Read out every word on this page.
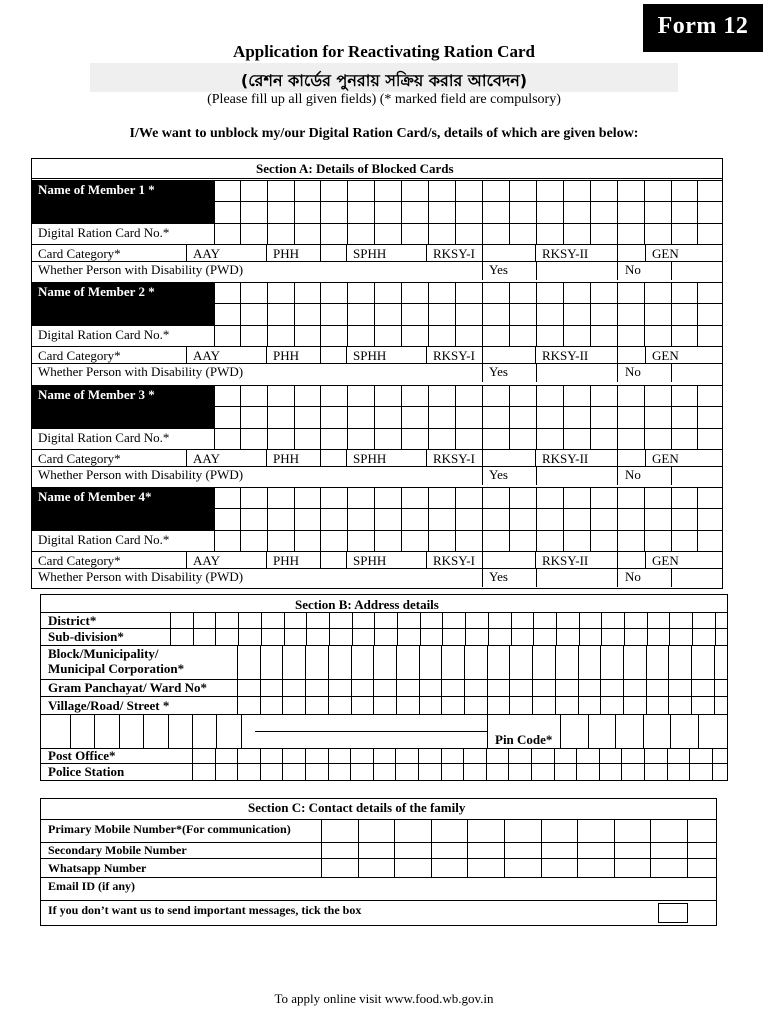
Form 12
Application for Reactivating Ration Card
(রেশন কার্ডের পুনরায় সক্রিয় করার আবেদন)
(Please fill up all given fields) (* marked field are compulsory)
I/We want to unblock my/our Digital Ration Card/s, details of which are given below:
To apply online visit www.food.wb.gov.in
Section A: Details of Blocked Cards
Name of Member 1 *
Digital Ration Card No.*
Card Category*	AAY	PHH	SPHH	RKSY-I	RKSY-II	GEN
Whether Person with Disability (PWD)	Yes	No
Name of Member 2 *
Digital Ration Card No.*
Card Category*	AAY	PHH	SPHH	RKSY-I	RKSY-II	GEN
Whether Person with Disability (PWD)	Yes	No
Name of Member 3 *
Digital Ration Card No.*
Card Category*	AAY	PHH	SPHH	RKSY-I	RKSY-II	GEN
Whether Person with Disability (PWD)	Yes	No
Name of Member 4*
Digital Ration Card No.*
Card Category*	AAY	PHH	SPHH	RKSY-I	RKSY-II	GEN
Whether Person with Disability (PWD)	Yes	No
Section B: Address details
District*
Sub-division*
Block/Municipality/
Municipal Corporation*
Gram Panchayat/ Ward No*
Village/Road/ Street *
Pin Code*
Post Office*
Police Station
Section C: Contact details of the family
Primary Mobile Number*(For communication)
Secondary Mobile Number
Whatsapp Number
Email ID (if any)
If you don’t want us to send important messages, tick the box
